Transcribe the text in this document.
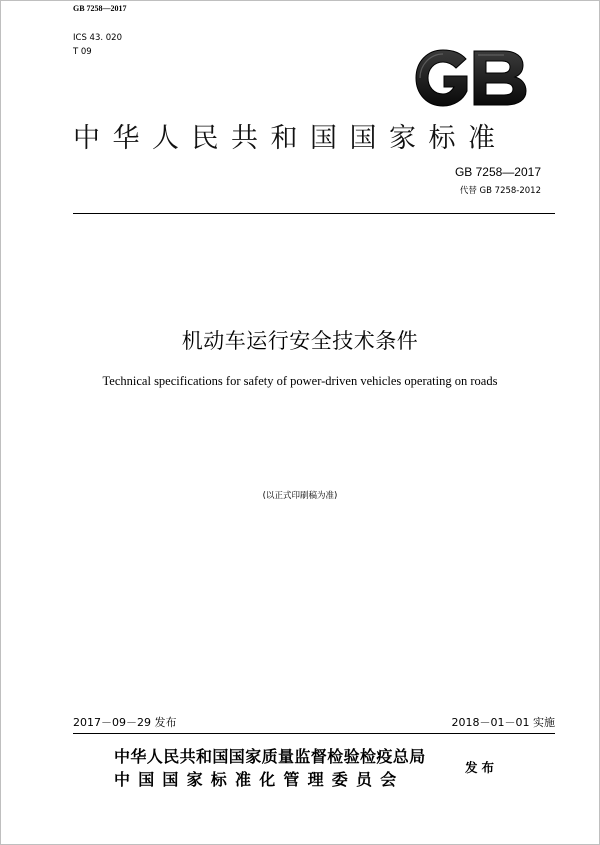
GB 7258—2017
ICS 43. 020
T 09
中华人民共和国国家标准
GB 7258—2017
代替 GB 7258-2012
机动车运行安全技术条件
Technical specifications for safety of power-driven vehicles operating on roads
(以正式印刷稿为准)
2017－09－29 发布	2018－01－01 实施
中华人民共和国国家质量监督检验检疫总局
中国国家标准化管理委员会
发布
